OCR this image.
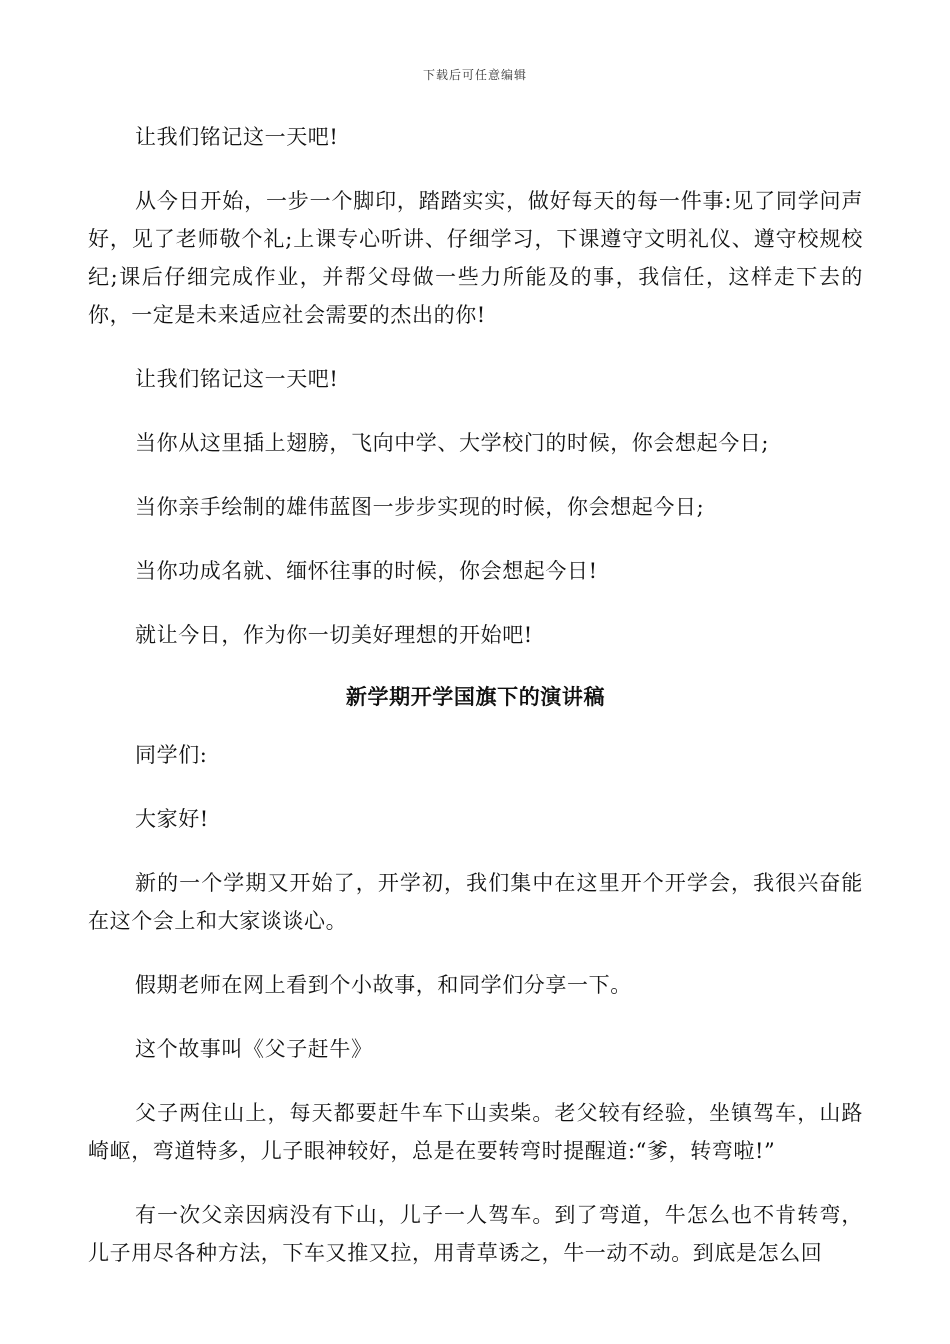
下载后可任意编辑

让我们铭记这一天吧!

从今日开始，一步一个脚印，踏踏实实，做好每天的每一件事:见了同学问声好，见了老师敬个礼;上课专心听讲、仔细学习，下课遵守文明礼仪、遵守校规校纪;课后仔细完成作业，并帮父母做一些力所能及的事，我信任，这样走下去的你，一定是未来适应社会需要的杰出的你!

让我们铭记这一天吧!

当你从这里插上翅膀，飞向中学、大学校门的时候，你会想起今日;

当你亲手绘制的雄伟蓝图一步步实现的时候，你会想起今日;

当你功成名就、缅怀往事的时候，你会想起今日!

就让今日，作为你一切美好理想的开始吧!

新学期开学国旗下的演讲稿

同学们:

大家好!

新的一个学期又开始了，开学初，我们集中在这里开个开学会，我很兴奋能在这个会上和大家谈谈心。

假期老师在网上看到个小故事，和同学们分享一下。

这个故事叫《父子赶牛》

父子两住山上，每天都要赶牛车下山卖柴。老父较有经验，坐镇驾车，山路崎岖，弯道特多，儿子眼神较好，总是在要转弯时提醒道:“爹，转弯啦!”

有一次父亲因病没有下山，儿子一人驾车。到了弯道，牛怎么也不肯转弯，儿子用尽各种方法，下车又推又拉，用青草诱之，牛一动不动。到底是怎么回
